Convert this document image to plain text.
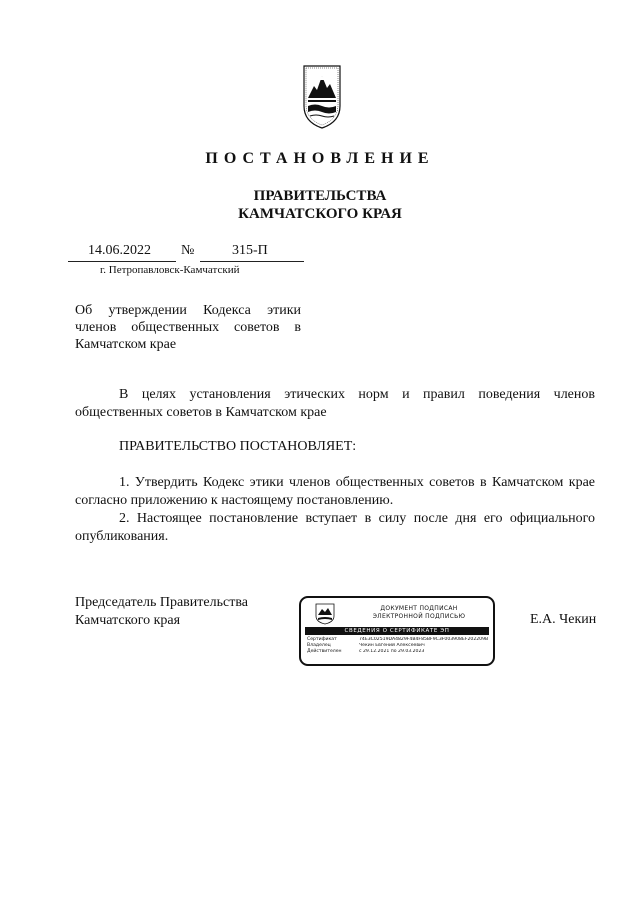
ПОСТАНОВЛЕНИЕ
ПРАВИТЕЛЬСТВА
КАМЧАТСКОГО КРАЯ
14.06.2022 №	315-П
г. Петропавловск-Камчатский
Об утверждении Кодекса этики членов общественных советов в Камчатском крае
В целях установления этических норм и правил поведения членов общественных советов в Камчатском крае
ПРАВИТЕЛЬСТВО ПОСТАНОВЛЯЕТ:
1. Утвердить Кодекс этики членов общественных советов в Камчатском крае согласно приложению к настоящему постановлению.
2. Настоящее постановление вступает в силу после дня его официального опубликования.
Председатель Правительства
Камчатского края
ДОКУМЕНТ ПОДПИСАН
ЭЛЕКТРОННОЙ ПОДПИСЬЮ
СВЕДЕНИЯ О СЕРТИФИКАТЕ ЭП
Сертификат	74E3C02519DA4829F4B4F85BF9C3F003908EF202209B
Владелец	Чекин Евгений Алексеевич
Действителен	с 29.12.2021 по 29.03.2023
Е.А. Чекин
